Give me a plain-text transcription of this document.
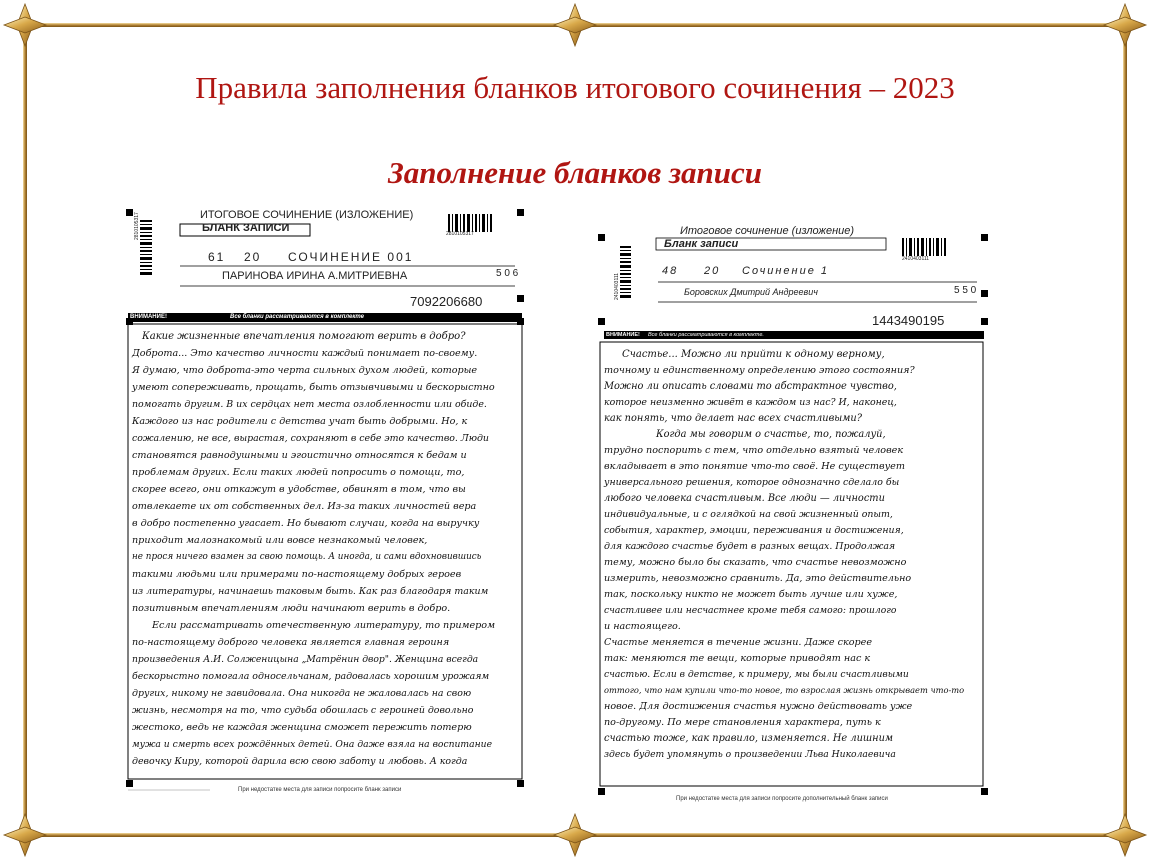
Правила заполнения бланков итогового сочинения – 2023
Заполнение бланков записи
ИТОГОВОЕ СОЧИНЕНИЕ (ИЗЛОЖЕНИЕ)
БЛАНК ЗАПИСИ	2810105317
2810105317
61 20 СОЧИНЕНИЕ 001
ПАРИНОВА ИРИНА А.МИТРИЕВНА	5 0 6
7092206680
ВНИМАНИЕ!	Все бланки рассматриваются в комплекте
При недостатке места для записи попросите бланк записи
Какие жизненные впечатления помогают верить в добро?
Доброта... Это качество личности каждый понимает по-своему.
Я думаю, что доброта-это черта сильных духом людей, которые
умеют сопереживать, прощать, быть отзывчивыми и бескорыстно
помогать другим. В их сердцах нет места озлобленности или обиде.
Каждого из нас родители с детства учат быть добрыми. Но, к
сожалению, не все, вырастая, сохраняют в себе это качество. Люди
становятся равнодушными и эгоистично относятся к бедам и
проблемам других. Если таких людей попросить о помощи, то,
скорее всего, они откажут в удобстве, обвинят в том, что вы
отвлекаете их от собственных дел. Из-за таких личностей вера
в добро постепенно угасает. Но бывают случаи, когда на выручку
приходит малознакомый или вовсе незнакомый человек,
не прося ничего взамен за свою помощь. А иногда, и сами вдохновившись
такими людьми или примерами по-настоящему добрых героев
из литературы, начинаешь таковым быть. Как раз благодаря таким
позитивным впечатлениям люди начинают верить в добро.
Если рассматривать отечественную литературу, то примером
по-настоящему доброго человека является главная героиня
произведения А.И. Солженицына „Матрёнин двор". Женщина всегда
бескорыстно помогала односельчанам, радовалась хорошим урожаям
других, никому не завидовала. Она никогда не жаловалась на свою
жизнь, несмотря на то, что судьба обошлась с героиней довольно
жестоко, ведь не каждая женщина сможет пережить потерю
мужа и смерть всех рождённых детей. Она даже взяла на воспитание
девочку Киру, которой дарила всю свою заботу и любовь. А когда
Итоговое сочинение (изложение)
Бланк записи
2410403111
2410403111
48 20 Сочинение 1
Боровских Дмитрий Андреевич	5 5 0
1443490195
ВНИМАНИЕ! Все бланки рассматриваются в комплекте.
При недостатке места для записи попросите дополнительный бланк записи
Счастье... Можно ли прийти к одному верному,
точному и единственному определению этого состояния?
Можно ли описать словами то абстрактное чувство,
которое неизменно живёт в каждом из нас? И, наконец,
как понять, что делает нас всех счастливыми?
Когда мы говорим о счастье, то, пожалуй,
трудно поспорить с тем, что отдельно взятый человек
вкладывает в это понятие что-то своё. Не существует
универсального решения, которое однозначно сделало бы
любого человека счастливым. Все люди — личности
индивидуальные, и с оглядкой на свой жизненный опыт,
события, характер, эмоции, переживания и достижения,
для каждого счастье будет в разных вещах. Продолжая
тему, можно было бы сказать, что счастье невозможно
измерить, невозможно сравнить. Да, это действительно
так, поскольку никто не может быть лучше или хуже,
счастливее или несчастнее кроме тебя самого: прошлого
и настоящего.
Счастье меняется в течение жизни. Даже скорее
так: меняются те вещи, которые приводят нас к
счастью. Если в детстве, к примеру, мы были счастливыми
оттого, что нам купили что-то новое, то взрослая жизнь открывает что-то
новое. Для достижения счастья нужно действовать уже
по-другому. По мере становления характера, путь к
счастью тоже, как правило, изменяется. Не лишним
здесь будет упомянуть о произведении Льва Николаевича
